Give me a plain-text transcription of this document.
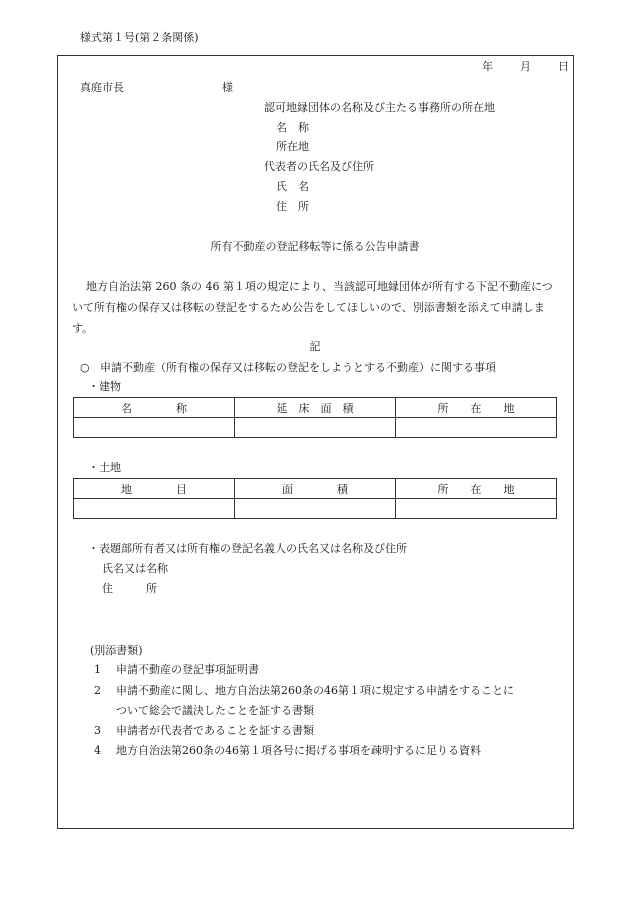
様式第１号(第２条関係)
年 月 日
真庭市長	様
認可地縁団体の名称及び主たる事務所の所在地
名　称
所在地
代表者の氏名及び住所
氏　名
住　所
所有不動産の登記移転等に係る公告申請書
地方自治法第 260 条の 46 第１項の規定により、当該認可地縁団体が所有する下記不動産について所有権の保存又は移転の登記をするため公告をしてほしいので、別添書類を添えて申請します。
記
○ 申請不動産（所有権の保存又は移転の登記をしようとする不動産）に関する事項
・建物
名　　　　称	延　床　面　積	所　　在　　地

・土地
地　　　　目	面　　　　積	所　　在　　地

・表題部所有者又は所有権の登記名義人の氏名又は名称及び住所
氏名又は名称
住　　　所
(別添書類)
1 申請不動産の登記事項証明書
2 申請不動産に関し、地方自治法第260条の46第１項に規定する申請をすることに
ついて総会で議決したことを証する書類
3 申請者が代表者であることを証する書類
4 地方自治法第260条の46第１項各号に掲げる事項を疎明するに足りる資料
